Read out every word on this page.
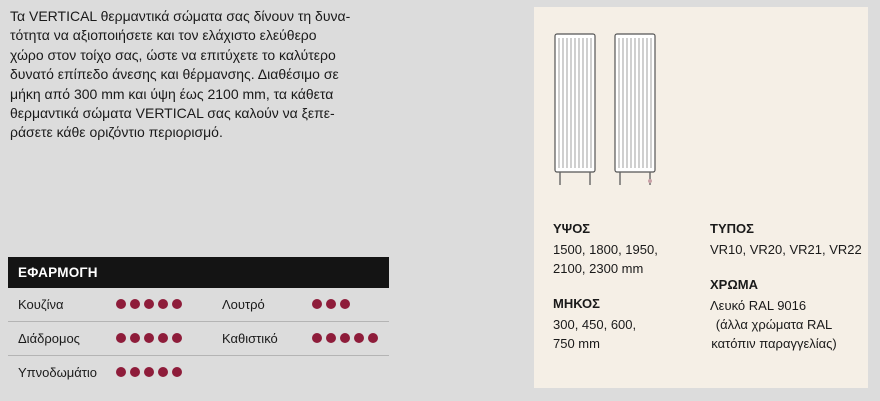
Τα VERTICAL θερμαντικά σώματα σας δίνουν τη δυνα-
τότητα να αξιοποιήσετε και τον ελάχιστο ελεύθερο
χώρο στον τοίχο σας, ώστε να επιτύχετε το καλύτερο
δυνατό επίπεδο άνεσης και θέρμανσης. Διαθέσιμο σε
μήκη από 300 mm και ύψη έως 2100 mm, τα κάθετα
θερμαντικά σώματα VERTICAL σας καλούν να ξεπε-
ράσετε κάθε οριζόντιο περιορισμό.
ΕΦΑΡΜΟΓΗ
Κουζίνα	Λουτρό
Διάδρομος	Καθιστικό
Υπνοδωμάτιο
ΥΨΟΣ
1500, 1800, 1950,
2100, 2300 mm
ΜΗΚΟΣ
300, 450, 600,
750 mm
ΤΥΠΟΣ
VR10, VR20, VR21, VR22
ΧΡΩΜΑ
Λευκό RAL 9016
(άλλα χρώματα RAL
κατόπιν παραγγελίας)
